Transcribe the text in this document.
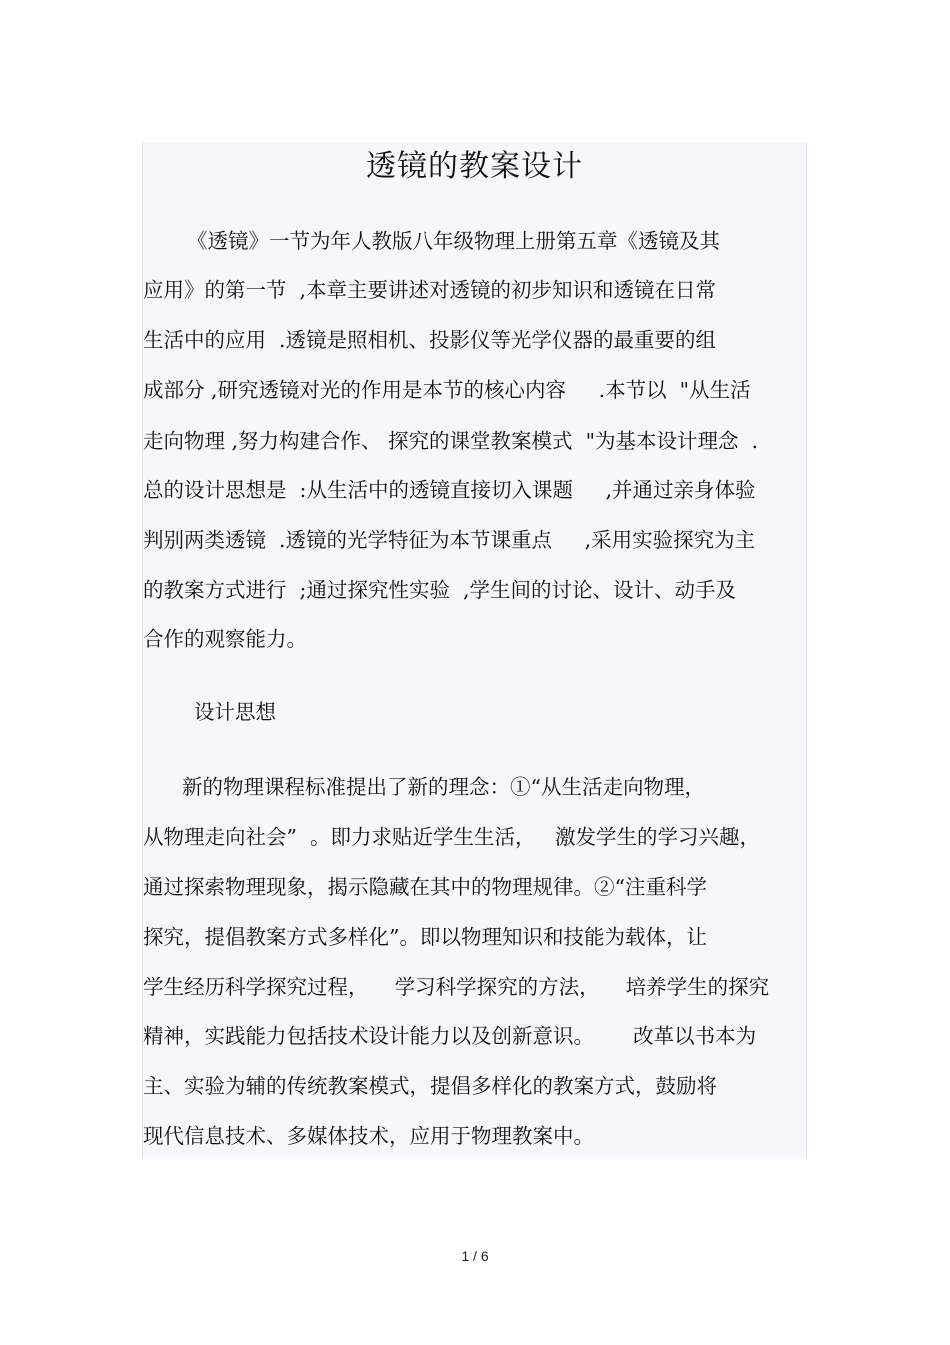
透镜的教案设计
《透镜》一节为年人教版八年级物理上册第五章《透镜及其
应用》的第一节  ,本章主要讲述对透镜的初步知识和透镜在日常
生活中的应用  .透镜是照相机、投影仪等光学仪器的最重要的组
成部分 ,研究透镜对光的作用是本节的核心内容     .本节以  "从生活
走向物理 ,努力构建合作、 探究的课堂教案模式  "为基本设计理念  .
总的设计思想是  :从生活中的透镜直接切入课题     ,并通过亲身体验
判别两类透镜  .透镜的光学特征为本节课重点     ,采用实验探究为主
的教案方式进行  ;通过探究性实验  ,学生间的讨论、设计、动手及
合作的观察能力。
设计思想
新的物理课程标准提出了新的理念：①“从生活走向物理，
从物理走向社会”  。即力求贴近学生生活，   激发学生的学习兴趣，
通过探索物理现象，揭示隐藏在其中的物理规律。②“注重科学
探究，提倡教案方式多样化”。即以物理知识和技能为载体，让
学生经历科学探究过程，    学习科学探究的方法，    培养学生的探究
精神，实践能力包括技术设计能力以及创新意识。      改革以书本为
主、实验为辅的传统教案模式，提倡多样化的教案方式，鼓励将
现代信息技术、多媒体技术，应用于物理教案中。
1 / 6
